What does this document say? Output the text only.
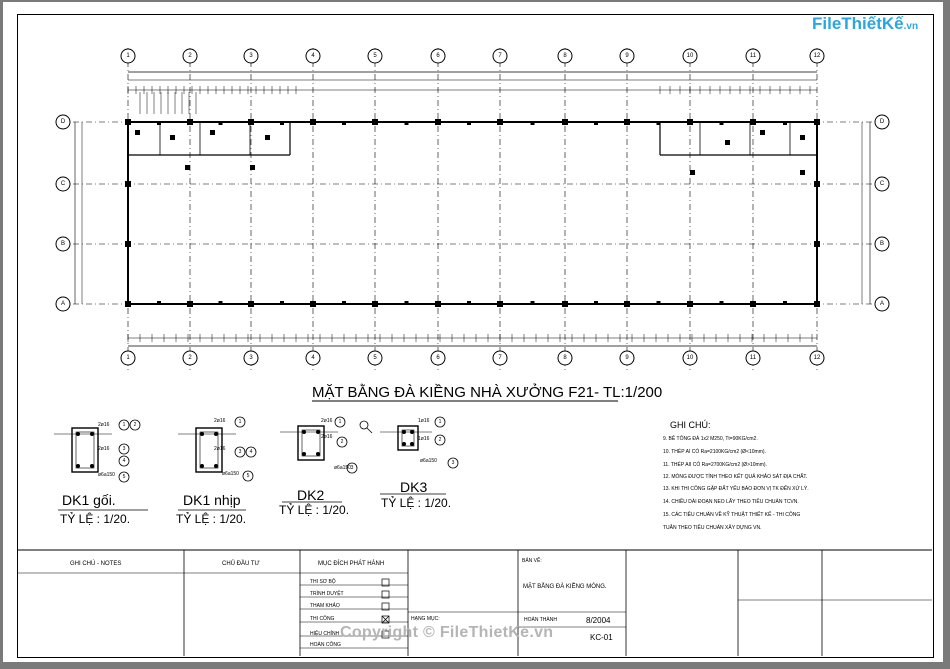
1
1
2
2
3
3
4
4
5
5
6
6
7
7
8
8
9
9
10
10
11
11
12
12
D	D
C	C
B	B
A	A
1 2
3
4
5
1
3 4
5
1
2
3
1
2
3
FileThiếtKế.vn
MẶT BẰNG ĐÀ KIỀNG NHÀ XƯỞNG F21- TL:1/200
DK1 gối.
TỶ LỆ : 1/20.
DK1 nhịp
TỶ LỆ : 1/20.
DK2
TỶ LỆ : 1/20.
DK3
TỶ LỆ : 1/20.
2ø16
2ø16
ø6a150
2ø16
2ø16
ø6a150
2ø16
2ø16
ø6a150
1ø16
1ø16
ø6a150
GHI CHÚ:
9. BÊ TÔNG ĐÁ 1x2 M250, Tt=90KG/cm2.
10. THÉP AI CÓ Ra=2100KG/cm2 (Ø<10mm).
11. THÉP AII CÓ Ra=2700KG/cm2 (Ø>10mm).
12. MÓNG ĐƯỢC TÍNH THEO KẾT QUẢ KHẢO SÁT ĐỊA CHẤT.
13. KHI THI CÔNG GẶP ĐẤT YẾU BÁO ĐƠN VỊ TK ĐẾN XỬ LÝ.
14. CHIỀU DÀI ĐOẠN NEO LẤY THEO TIÊU CHUẨN TCVN.
15. CÁC TIÊU CHUẨN VỀ KỸ THUẬT THIẾT KẾ - THI CÔNG
TUÂN THEO TIÊU CHUẨN XÂY DỰNG VN.
GHI CHÚ - NOTES	CHỦ ĐẦU TƯ	MỤC ĐÍCH PHÁT HÀNH
THI SƠ BỘ
TRÌNH DUYỆT
THAM KHẢO
THI CÔNG
HIỆU CHỈNH
HOÀN CÔNG
BẢN VẼ:
MẶT BẰNG ĐÀ KIỀNG MÓNG.
HẠNG MỤC:	HOÀN THÀNH	8/2004
KC-01
Copyright © FileThietKe.vn
